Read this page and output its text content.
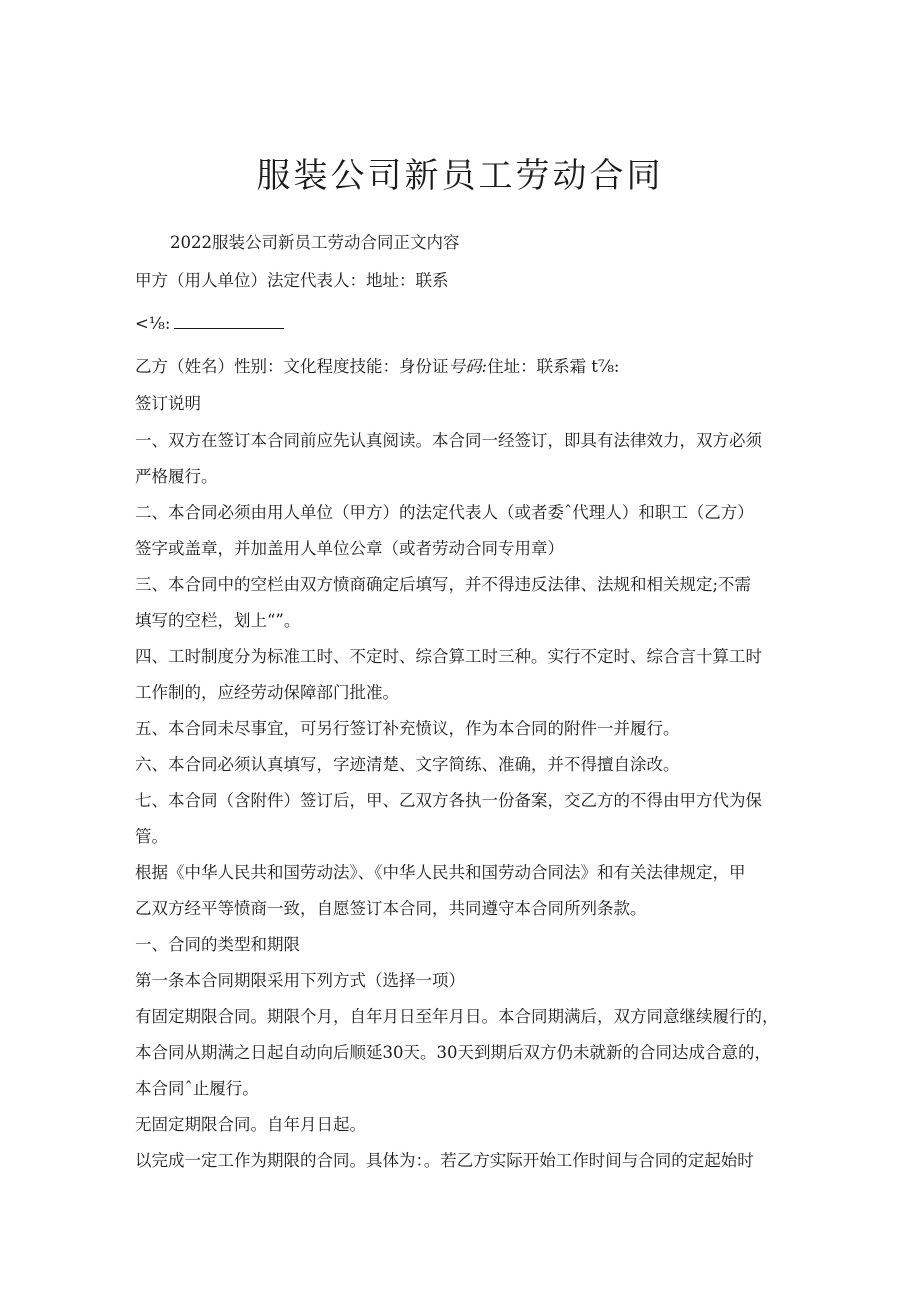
服装公司新员工劳动合同

2022服装公司新员工劳动合同正文内容

甲方（用人单位）法定代表人：地址：联系

<⅛:

乙方（姓名）性别：文化程度技能：身份证号码:住址：联系霜 t⅞:

签订说明

一、双方在签订本合同前应先认真阅读。本合同一经签订，即具有法律效力，双方必须

严格履行。

二、本合同必须由用人单位（甲方）的法定代表人（或者委ˆ代理人）和职工（乙方）

签字或盖章，并加盖用人单位公章（或者劳动合同专用章）

三、本合同中的空栏由双方愤商确定后填写，并不得违反法律、法规和相关规定;不需

填写的空栏，划上“”。

四、工时制度分为标准工时、不定时、综合算工时三种。实行不定时、综合言十算工时

工作制的，应经劳动保障部门批准。

五、本合同未尽事宜，可另行签订补充愤议，作为本合同的附件一并履行。

六、本合同必须认真填写，字迹清楚、文字简练、准确，并不得擅自涂改。

七、本合同（含附件）签订后，甲、乙双方各执一份备案，交乙方的不得由甲方代为保

管。

根据《中华人民共和国劳动法》、《中华人民共和国劳动合同法》和有关法律规定，甲

乙双方经平等愤商一致，自愿签订本合同，共同遵守本合同所列条款。

一、合同的类型和期限

第一条本合同期限采用下列方式（选择一项）

有固定期限合同。期限个月，自年月日至年月日。本合同期满后，双方同意继续履行的，

本合同从期满之日起自动向后顺延30天。30天到期后双方仍未就新的合同达成合意的，

本合同ˆ止履行。

无固定期限合同。自年月日起。

以完成一定工作为期限的合同。具体为：。若乙方实际开始工作时间与合同的定起始时
